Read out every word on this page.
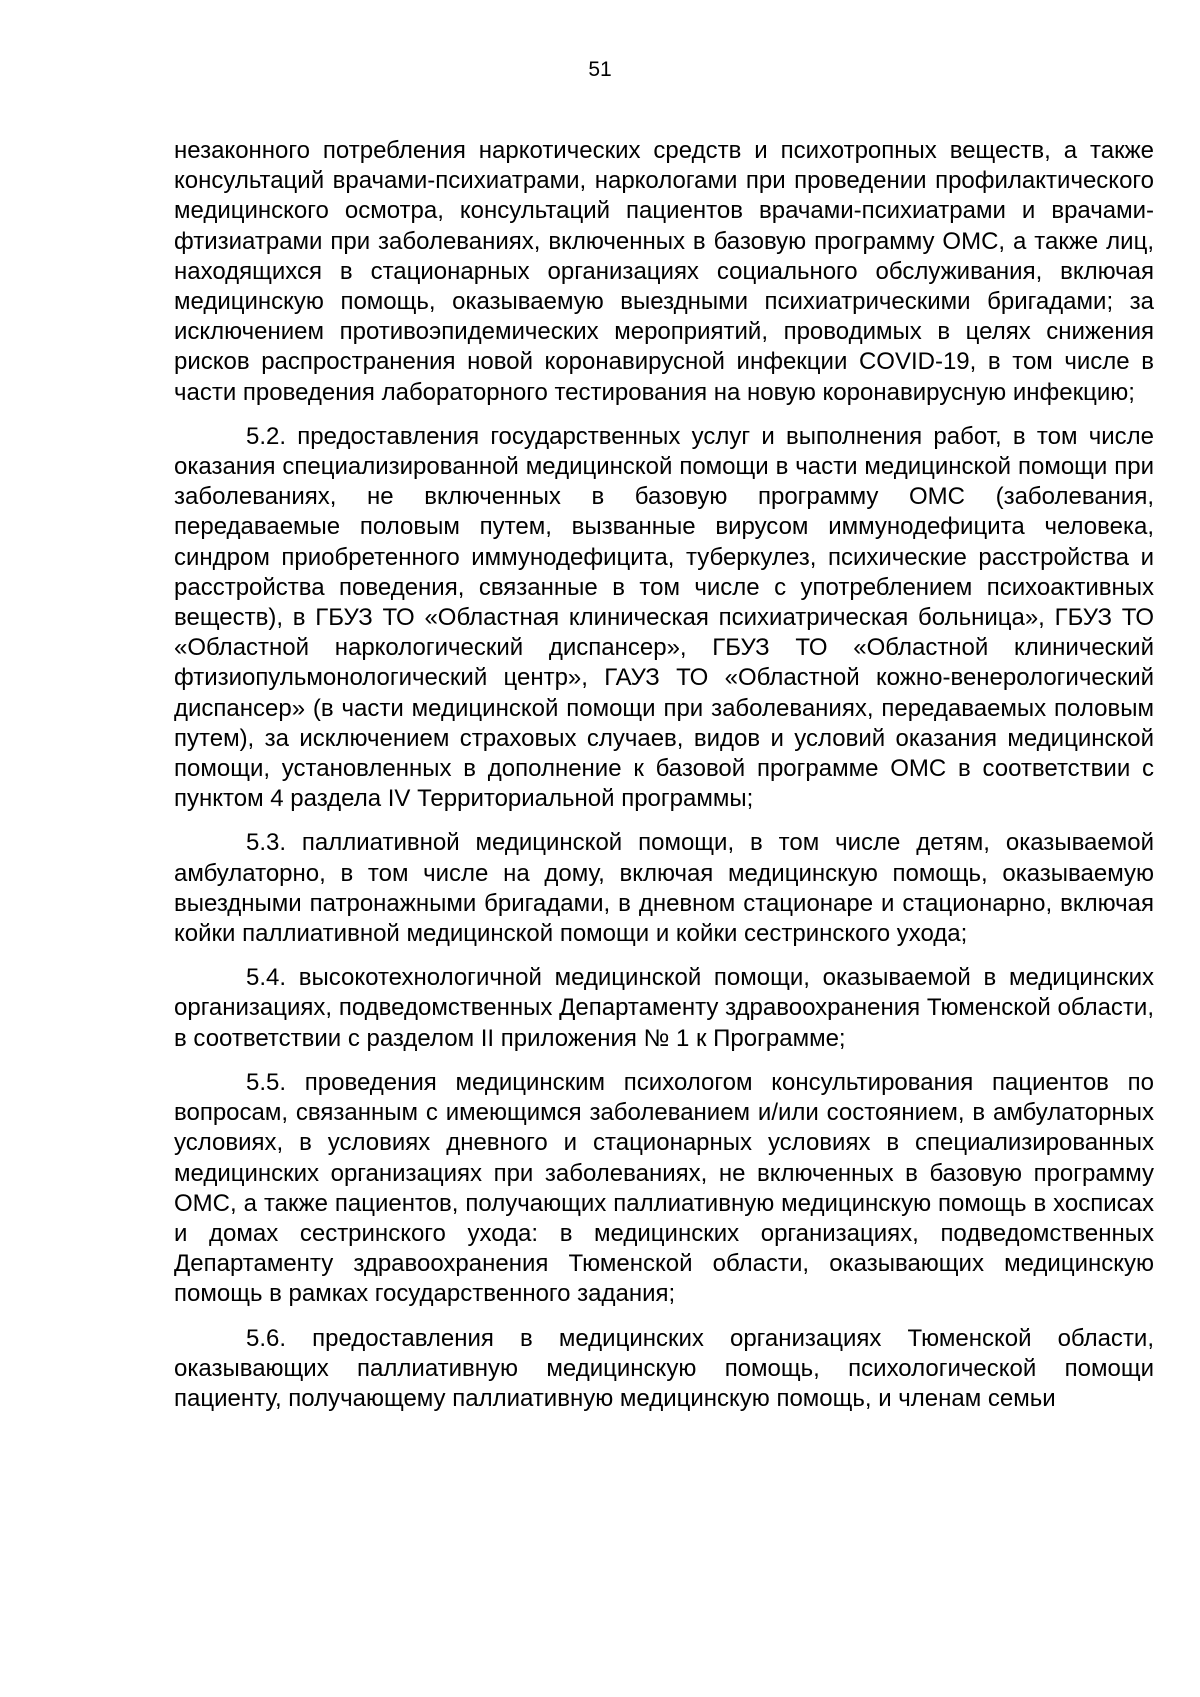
51

незаконного потребления наркотических средств и психотропных веществ, а также консультаций врачами-психиатрами, наркологами при проведении профилактического медицинского осмотра, консультаций пациентов врачами-психиатрами и врачами-фтизиатрами при заболеваниях, включенных в базовую программу ОМС, а также лиц, находящихся в стационарных организациях социального обслуживания, включая медицинскую помощь, оказываемую выездными психиатрическими бригадами; за исключением противоэпидемических мероприятий, проводимых в целях снижения рисков распространения новой коронавирусной инфекции COVID-19, в том числе в части проведения лабораторного тестирования на новую коронавирусную инфекцию;

5.2. предоставления государственных услуг и выполнения работ, в том числе оказания специализированной медицинской помощи в части медицинской помощи при заболеваниях, не включенных в базовую программу ОМС (заболевания, передаваемые половым путем, вызванные вирусом иммунодефицита человека, синдром приобретенного иммунодефицита, туберкулез, психические расстройства и расстройства поведения, связанные в том числе с употреблением психоактивных веществ), в ГБУЗ ТО «Областная клиническая психиатрическая больница», ГБУЗ ТО «Областной наркологический диспансер», ГБУЗ ТО «Областной клинический фтизиопульмонологический центр», ГАУЗ ТО «Областной кожно-венерологический диспансер» (в части медицинской помощи при заболеваниях, передаваемых половым путем), за исключением страховых случаев, видов и условий оказания медицинской помощи, установленных в дополнение к базовой программе ОМС в соответствии с пунктом 4 раздела IV Территориальной программы;

5.3. паллиативной медицинской помощи, в том числе детям, оказываемой амбулаторно, в том числе на дому, включая медицинскую помощь, оказываемую выездными патронажными бригадами, в дневном стационаре и стационарно, включая койки паллиативной медицинской помощи и койки сестринского ухода;

5.4. высокотехнологичной медицинской помощи, оказываемой в медицинских организациях, подведомственных Департаменту здравоохранения Тюменской области, в соответствии с разделом II приложения № 1 к Программе;

5.5. проведения медицинским психологом консультирования пациентов по вопросам, связанным с имеющимся заболеванием и/или состоянием, в амбулаторных условиях, в условиях дневного и стационарных условиях в специализированных медицинских организациях при заболеваниях, не включенных в базовую программу ОМС, а также пациентов, получающих паллиативную медицинскую помощь в хосписах и домах сестринского ухода: в медицинских организациях, подведомственных Департаменту здравоохранения Тюменской области, оказывающих медицинскую помощь в рамках государственного задания;

5.6. предоставления в медицинских организациях Тюменской области, оказывающих паллиативную медицинскую помощь, психологической помощи пациенту, получающему паллиативную медицинскую помощь, и членам семьи
